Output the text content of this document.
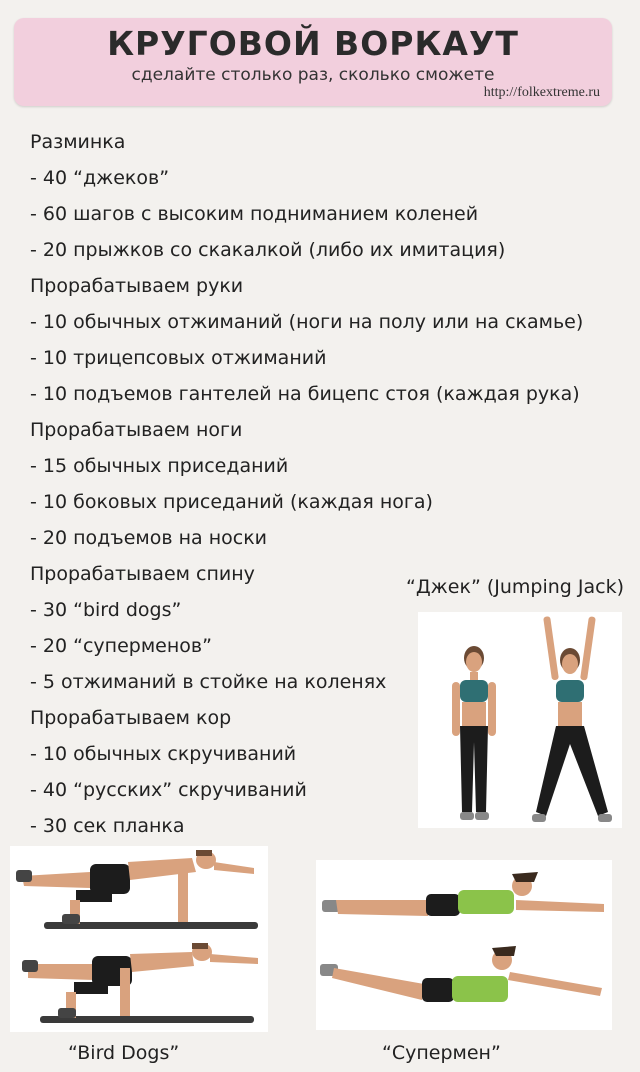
КРУГОВОЙ ВОРКАУТ
сделайте столько раз, сколько сможете
http://folkextreme.ru
Разминка
- 40 “джеков”
- 60 шагов с высоким подниманием коленей
- 20 прыжков со скакалкой (либо их имитация)
Прорабатываем руки
- 10 обычных отжиманий (ноги на полу или на скамье)
- 10 трицепсовых отжиманий
- 10 подъемов гантелей на бицепс стоя (каждая рука)
Прорабатываем ноги
- 15 обычных приседаний
- 10 боковых приседаний (каждая нога)
- 20 подъемов на носки
Прорабатываем спину
- 30 “bird dogs”
- 20 “суперменов”
- 5 отжиманий в стойке на коленях
Прорабатываем кор
- 10 обычных скручиваний
- 40 “русских” скручиваний
- 30 сек планка
“Джек” (Jumping Jack)
“Bird Dogs”	“Супермен”
